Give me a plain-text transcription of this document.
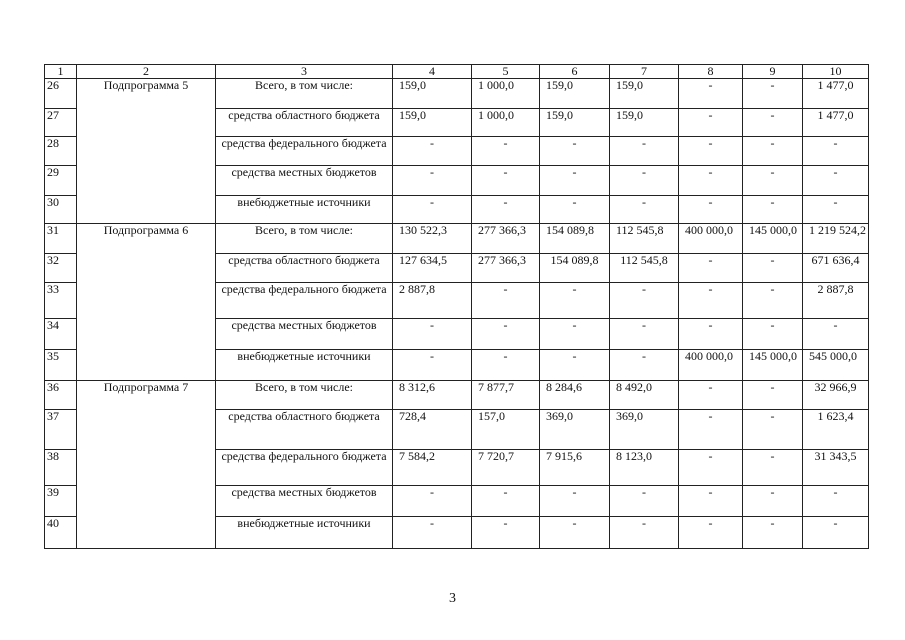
1	2	3	4	5	6	7	8	9	10
26	Подпрограмма 5	Всего, в том числе:	159,0	1 000,0	159,0	159,0	-	-	1 477,0
27		средства областного бюджета	159,0	1 000,0	159,0	159,0	-	-	1 477,0
28		средства федерального бюджета	-	-	-	-	-	-	-
29		средства местных бюджетов	-	-	-	-	-	-	-
30		внебюджетные источники	-	-	-	-	-	-	-
31	Подпрограмма 6	Всего, в том числе:	130 522,3	277 366,3	154 089,8	112 545,8	400 000,0	145 000,0	1 219 524,2
32		средства областного бюджета	127 634,5	277 366,3	154 089,8	112 545,8	-	-	671 636,4
33		средства федерального бюджета	2 887,8	-	-	-	-	-	2 887,8
34		средства местных бюджетов	-	-	-	-	-	-	-
35		внебюджетные источники	-	-	-	-	400 000,0	145 000,0	545 000,0
36	Подпрограмма 7	Всего, в том числе:	8 312,6	7 877,7	8 284,6	8 492,0	-	-	32 966,9
37		средства областного бюджета	728,4	157,0	369,0	369,0	-	-	1 623,4
38		средства федерального бюджета	7 584,2	7 720,7	7 915,6	8 123,0	-	-	31 343,5
39		средства местных бюджетов	-	-	-	-	-	-	-
40		внебюджетные источники	-	-	-	-	-	-	-
3
